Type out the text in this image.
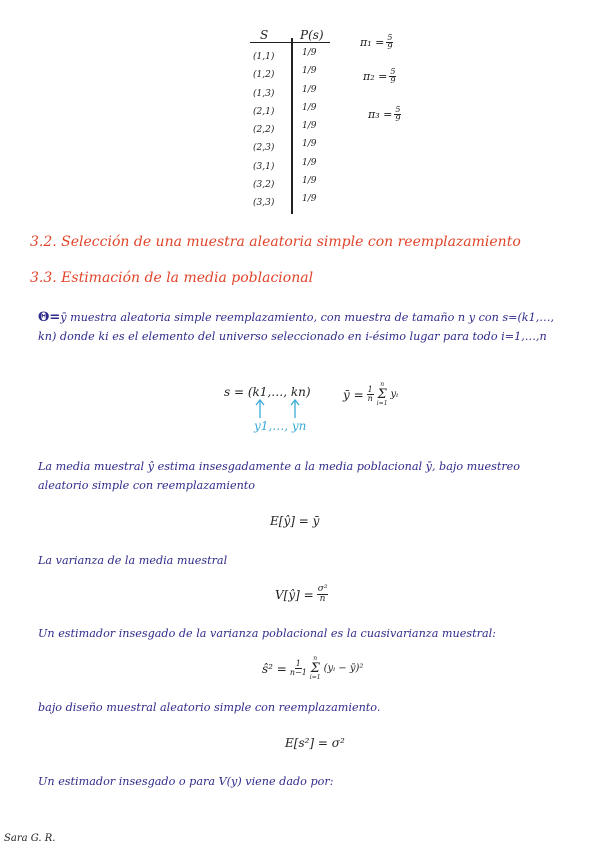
S	P(s)
(1,1)
(1,2)
(1,3)
(2,1)
(2,2)
(2,3)
(3,1)
(3,2)
(3,3)
1/9
1/9
1/9
1/9
1/9
1/9
1/9
1/9
1/9
$\pi_1 = \frac{5}{9}$
$\pi_2 = \frac{5}{9}$
$\pi_3 = \frac{5}{9}$
3.2. Selección de una muestra aleatoria simple con reemplazamiento
3.3. Estimación de la media poblacional
Θ=ȳ muestra aleatoria simple reemplazamiento, con muestra de tamaño n y con s=(k1,…, kn) donde ki es el elemento del universo seleccionado en i-ésimo lugar para todo i=1,…,n
s = (k1,…, kn)
y1,…, yn
ȳ = $\frac{1}{n}$
n
Σ
i=1
yᵢ
La media muestral ŷ estima insesgadamente a la media poblacional ȳ, bajo muestreo aleatorio simple con reemplazamiento
E[ŷ] = ȳ
La varianza de la media muestral
V[ŷ] = $\frac{\text{σ²}}{n}$
Un estimador insesgado de la varianza poblacional es la cuasivarianza muestral:
ŝ² = $\frac{1}{n-1}$
n
Σ
i=1
(yᵢ − ȳ)²
bajo diseño muestral aleatorio simple con reemplazamiento.
E[s²] = σ²
Un estimador insesgado o para V(y) viene dado por:
Sara G. R.
